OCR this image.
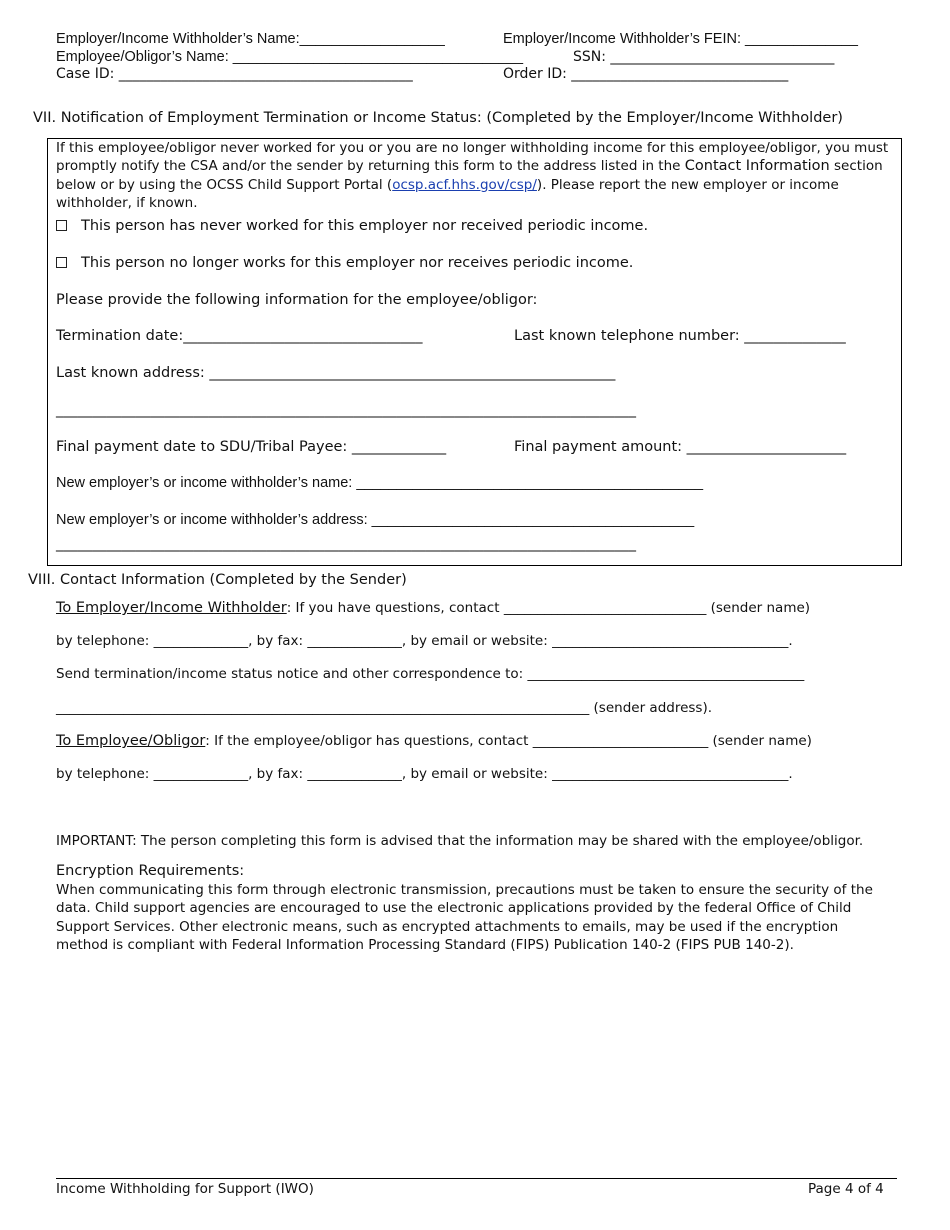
Employer/Income Withholder’s Name:__________________	Employer/Income Withholder’s FEIN: ______________
Employee/Obligor’s Name: ____________________________________	SSN: ________________________________
Case ID: __________________________________________	Order ID: _______________________________
VII. Notification of Employment Termination or Income Status: (Completed by the Employer/Income Withholder)
If this employee/obligor never worked for you or you are no longer withholding income for this employee/obligor, you must promptly notify the CSA and/or the sender by returning this form to the address listed in the Contact Information section below or by using the OCSS Child Support Portal (ocsp.acf.hhs.gov/csp/). Please report the new employer or income withholder, if known.
This person has never worked for this employer nor received periodic income.
This person no longer works for this employer nor receives periodic income.
Please provide the following information for the employee/obligor:
Termination date:_________________________________	Last known telephone number: ______________
Last known address: ________________________________________________________
________________________________________________________________________________
Final payment date to SDU/Tribal Payee: _____________	Final payment amount: ______________________
New employer’s or income withholder’s name: ___________________________________________
New employer’s or income withholder’s address: ________________________________________
________________________________________________________________________________
VIII. Contact Information (Completed by the Sender)
To Employer/Income Withholder: If you have questions, contact ______________________________ (sender name)
by telephone: ______________, by fax: ______________, by email or website: ___________________________________.
Send termination/income status notice and other correspondence to: _________________________________________
_______________________________________________________________________________ (sender address).
To Employee/Obligor: If the employee/obligor has questions, contact __________________________ (sender name)
by telephone: ______________, by fax: ______________, by email or website: ___________________________________.
IMPORTANT: The person completing this form is advised that the information may be shared with the employee/obligor.
Encryption Requirements:
When communicating this form through electronic transmission, precautions must be taken to ensure the security of the data. Child support agencies are encouraged to use the electronic applications provided by the federal Office of Child Support Services. Other electronic means, such as encrypted attachments to emails, may be used if the encryption method is compliant with Federal Information Processing Standard (FIPS) Publication 140-2 (FIPS PUB 140-2).
Income Withholding for Support (IWO)	Page 4 of 4
